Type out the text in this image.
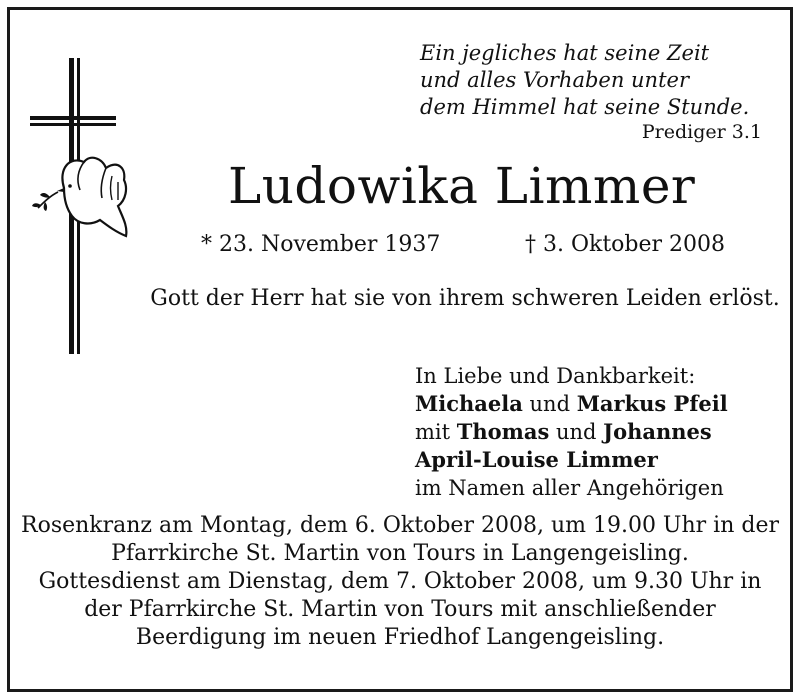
Ein jegliches hat seine Zeit
und alles Vorhaben unter
dem Himmel hat seine Stunde.
Prediger 3.1
Ludowika Limmer
* 23. November 1937	† 3. Oktober 2008
Gott der Herr hat sie von ihrem schweren Leiden erlöst.
In Liebe und Dankbarkeit:
Michaela und Markus Pfeil
mit Thomas und Johannes
April-Louise Limmer
im Namen aller Angehörigen

Rosenkranz am Montag, dem 6. Oktober 2008, um 19.00 Uhr in der Pfarrkirche St. Martin von Tours in Langengeisling.

Gottesdienst am Dienstag, dem 7. Oktober 2008, um 9.30 Uhr in der Pfarrkirche St. Martin von Tours mit anschließender Beerdigung im neuen Friedhof Langengeisling.
